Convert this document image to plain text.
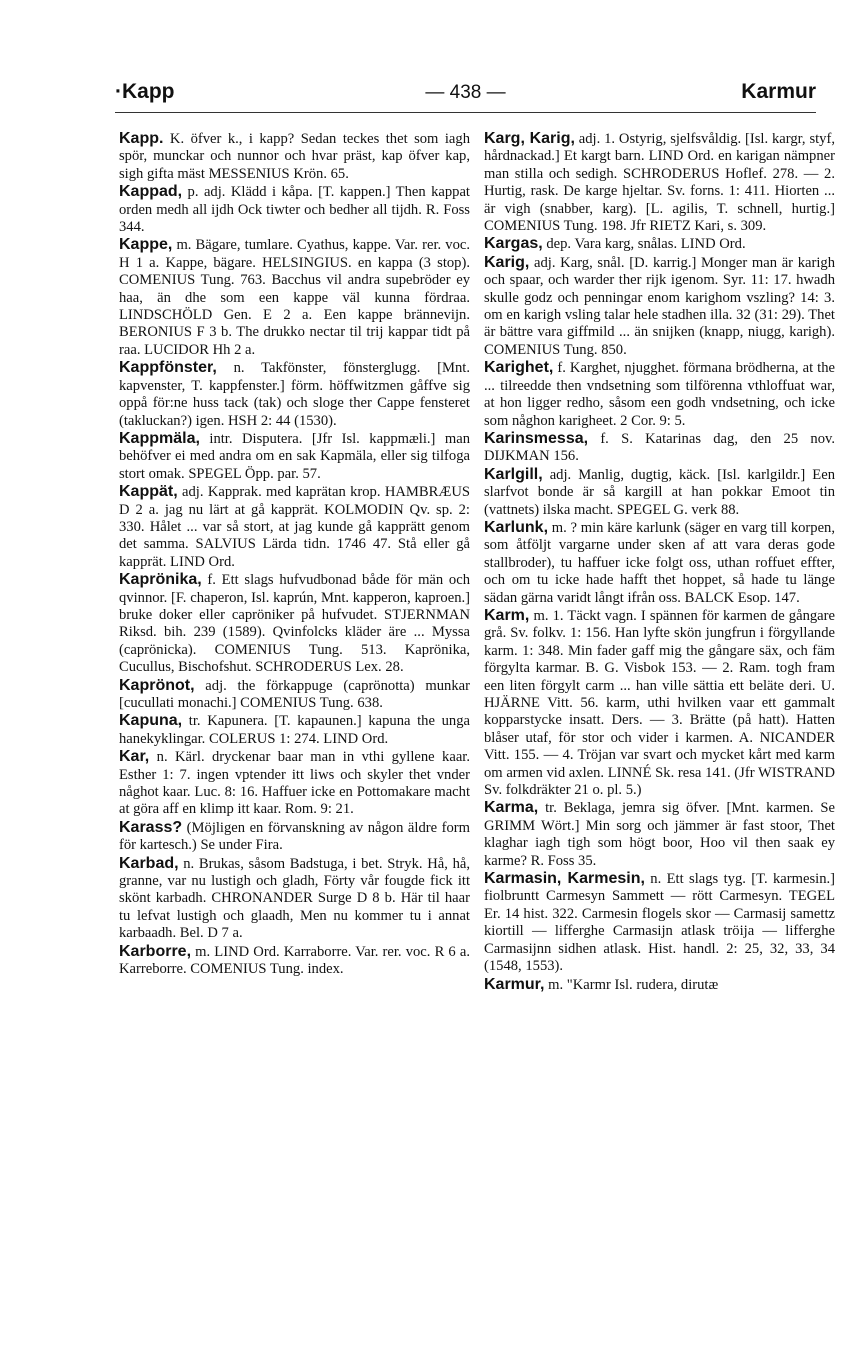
·Kapp	— 438 —	Karmur

Kapp. K. öfver k., i kapp? Sedan teckes thet som iagh spör, munckar och nunnor och hvar präst, kap öfver kap, sigh gifta mäst MESSENIUS Krön. 65.

Kappad, p. adj. Klädd i kåpa. [T. kappen.] Then kappat orden medh all ijdh Ock tiwter och bedher all tijdh. R. Foss 344.

Kappe, m. Bägare, tumlare. Cyathus, kappe. Var. rer. voc. H 1 a. Kappe, bägare. HELSINGIUS. en kappa (3 stop). COMENIUS Tung. 763. Bacchus vil andra supebröder ey haa, än dhe som een kappe väl kunna fördraa. LINDSCHÖLD Gen. E 2 a. Een kappe brännevijn. BERONIUS F 3 b. The drukko nectar til trij kappar tidt på raa. LUCIDOR Hh 2 a.

Kappfönster, n. Takfönster, fönsterglugg. [Mnt. kapvenster, T. kappfenster.] förm. höffwitzmen gåffve sig oppå för:ne huss tack (tak) och sloge ther Cappe fensteret (takluckan?) igen. HSH 2: 44 (1530).

Kappmäla, intr. Disputera. [Jfr Isl. kappmæli.] man behöfver ei med andra om en sak Kapmäla, eller sig tilfoga stort omak. SPEGEL Öpp. par. 57.

Kappät, adj. Kapprak. med kaprätan krop. HAMBRÆUS D 2 a. jag nu lärt at gå kapprät. KOLMODIN Qv. sp. 2: 330. Hålet ... var så stort, at jag kunde gå kapprätt genom det samma. SALVIUS Lärda tidn. 1746 47. Stå eller gå kapprät. LIND Ord.

Kaprönika, f. Ett slags hufvudbonad både för män och qvinnor. [F. chaperon, Isl. kaprún, Mnt. kapperon, kaproen.] bruke doker eller capröniker på hufvudet. STJERNMAN Riksd. bih. 239 (1589). Qvinfolcks kläder äre ... Myssa (caprönicka). COMENIUS Tung. 513. Kaprönika, Cucullus, Bischofshut. SCHRODERUS Lex. 28.

Kaprönot, adj. the förkappuge (caprönotta) munkar [cucullati monachi.] COMENIUS Tung. 638.

Kapuna, tr. Kapunera. [T. kapaunen.] kapuna the unga hanekyklingar. COLERUS 1: 274. LIND Ord.

Kar, n. Kärl. dryckenar baar man in vthi gyllene kaar. Esther 1: 7. ingen vptender itt liws och skyler thet vnder någhot kaar. Luc. 8: 16. Haffuer icke en Pottomakare macht at göra aff en klimp itt kaar. Rom. 9: 21.

Karass? (Möjligen en förvanskning av någon äldre form för kartesch.) Se under Fira.

Karbad, n. Brukas, såsom Badstuga, i bet. Stryk. Hå, hå, granne, var nu lustigh och gladh, Förty vår fougde fick itt skönt karbadh. CHRONANDER Surge D 8 b. Här til haar tu lefvat lustigh och glaadh, Men nu kommer tu i annat karbaadh. Bel. D 7 a.

Karborre, m. LIND Ord. Karraborre. Var. rer. voc. R 6 a. Karreborre. COMENIUS Tung. index.

Karg, Karig, adj. 1. Ostyrig, sjelfsvåldig. [Isl. kargr, styf, hårdnackad.] Et kargt barn. LIND Ord. en karigan nämpner man stilla och sedigh. SCHRODERUS Hoflef. 278. — 2. Hurtig, rask. De karge hjeltar. Sv. forns. 1: 411. Hiorten ... är vigh (snabber, karg). [L. agilis, T. schnell, hurtig.] COMENIUS Tung. 198. Jfr RIETZ Kari, s. 309.

Kargas, dep. Vara karg, snålas. LIND Ord.

Karig, adj. Karg, snål. [D. karrig.] Monger man är karigh och spaar, och warder ther rijk igenom. Syr. 11: 17. hwadh skulle godz och penningar enom karighom vszling? 14: 3. om en karigh vsling talar hele stadhen illa. 32 (31: 29). Thet är bättre vara giffmild ... än snijken (knapp, niugg, karigh). COMENIUS Tung. 850.

Karighet, f. Karghet, njugghet. förmana brödherna, at the ... tilreedde then vndsetning som tilförenna vthloffuat war, at hon ligger redho, såsom een godh vndsetning, och icke som någhon karigheet. 2 Cor. 9: 5.

Karinsmessa, f. S. Katarinas dag, den 25 nov. DIJKMAN 156.

Karlgill, adj. Manlig, dugtig, käck. [Isl. karlgildr.] Een slarfvot bonde är så kargill at han pokkar Emoot tin (vattnets) ilska macht. SPEGEL G. verk 88.

Karlunk, m. ? min käre karlunk (säger en varg till korpen, som åtföljt vargarne under sken af att vara deras gode stallbroder), tu haffuer icke folgt oss, uthan roffuet effter, och om tu icke hade hafft thet hoppet, så hade tu länge sädan gärna varidt långt ifrån oss. BALCK Esop. 147.

Karm, m. 1. Täckt vagn. I spännen för karmen de gångare grå. Sv. folkv. 1: 156. Han lyfte skön jungfrun i förgyllande karm. 1: 348. Min fader gaff mig the gångare säx, och fäm förgylta karmar. B. G. Visbok 153. — 2. Ram. togh fram een liten förgylt carm ... han ville sättia ett beläte deri. U. HJÄRNE Vitt. 56. karm, uthi hvilken vaar ett gammalt kopparstycke insatt. Ders. — 3. Brätte (på hatt). Hatten blåser utaf, för stor och vider i karmen. A. NICANDER Vitt. 155. — 4. Tröjan var svart och mycket kårt med karm om armen vid axlen. LINNÉ Sk. resa 141. (Jfr WISTRAND Sv. folkdräkter 21 o. pl. 5.)

Karma, tr. Beklaga, jemra sig öfver. [Mnt. karmen. Se GRIMM Wört.] Min sorg och jämmer är fast stoor, Thet klaghar iagh tigh som högt boor, Hoo vil then saak ey karme? R. Foss 35.

Karmasin, Karmesin, n. Ett slags tyg. [T. karmesin.] fiolbruntt Carmesyn Sammett — rött Carmesyn. TEGEL Er. 14 hist. 322. Carmesin flogels skor — Carmasij samettz kiortill — lifferghe Carmasijn atlask tröija — lifferghe Carmasijnn sidhen atlask. Hist. handl. 2: 25, 32, 33, 34 (1548, 1553).

Karmur, m. "Karmr Isl. rudera, dirutæ
